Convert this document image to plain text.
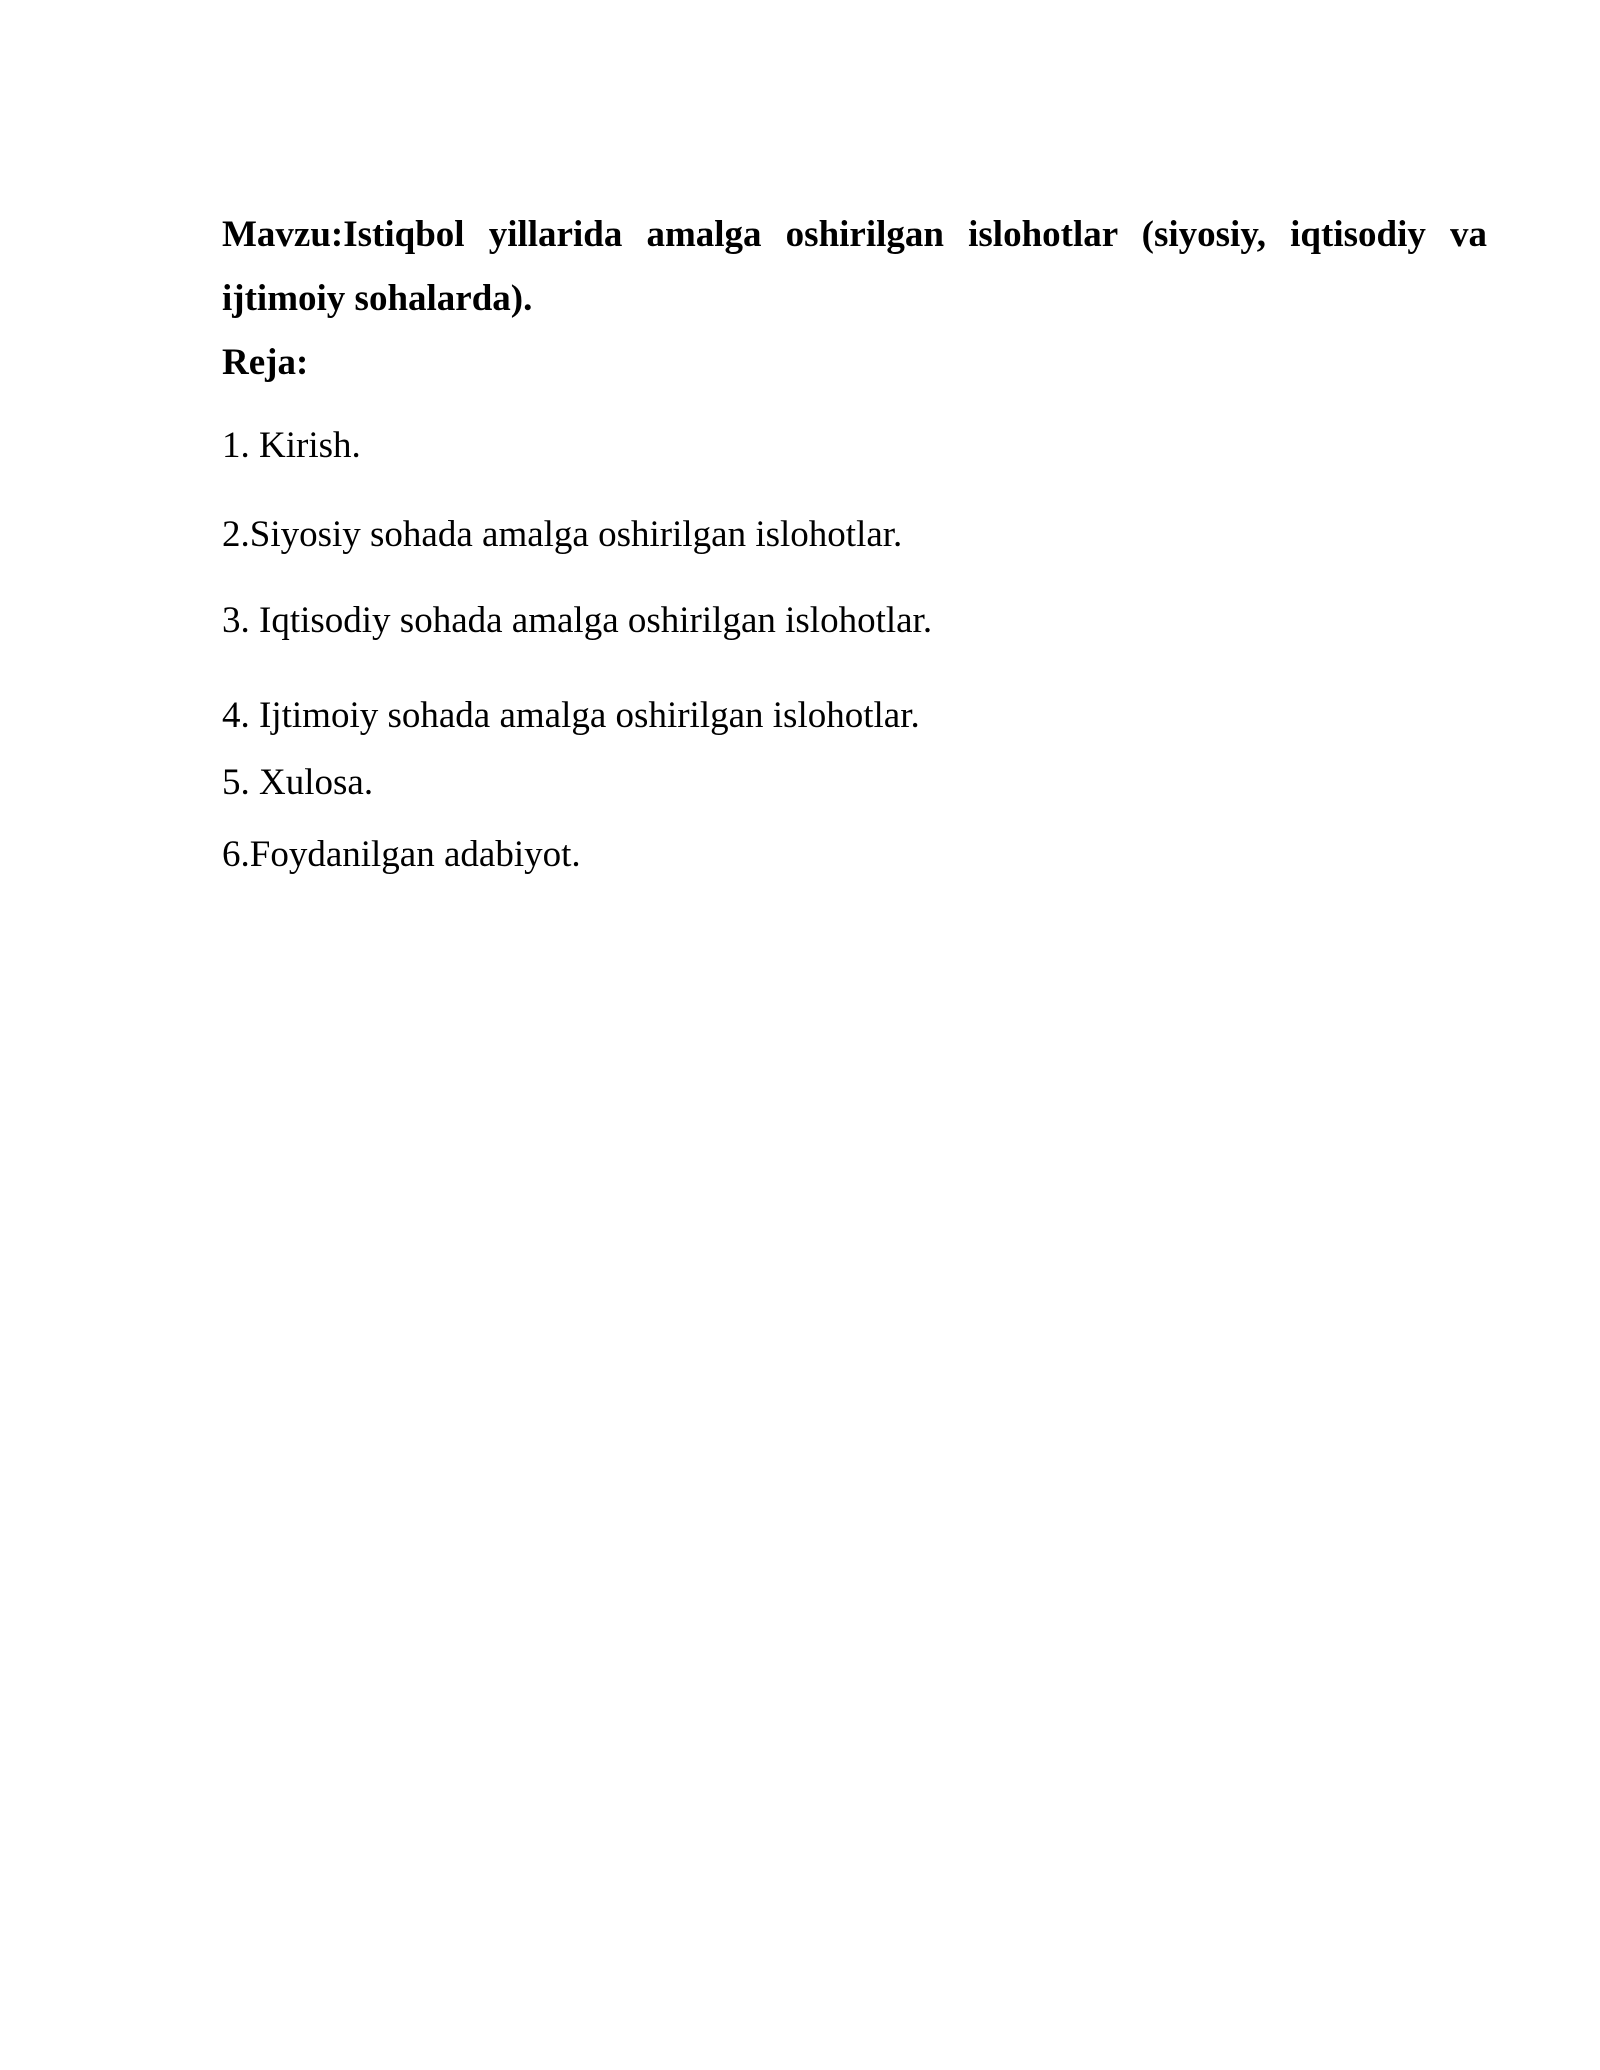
Mavzu:Istiqbol yillarida amalga oshirilgan islohotlar (siyosiy, iqtisodiy va
ijtimoiy sohalarda).
Reja:

1. Kirish.

2.Siyosiy sohada amalga oshirilgan islohotlar.

3. Iqtisodiy sohada amalga oshirilgan islohotlar.

4. Ijtimoiy sohada amalga oshirilgan islohotlar.

5. Xulosa.

6.Foydanilgan adabiyot.
